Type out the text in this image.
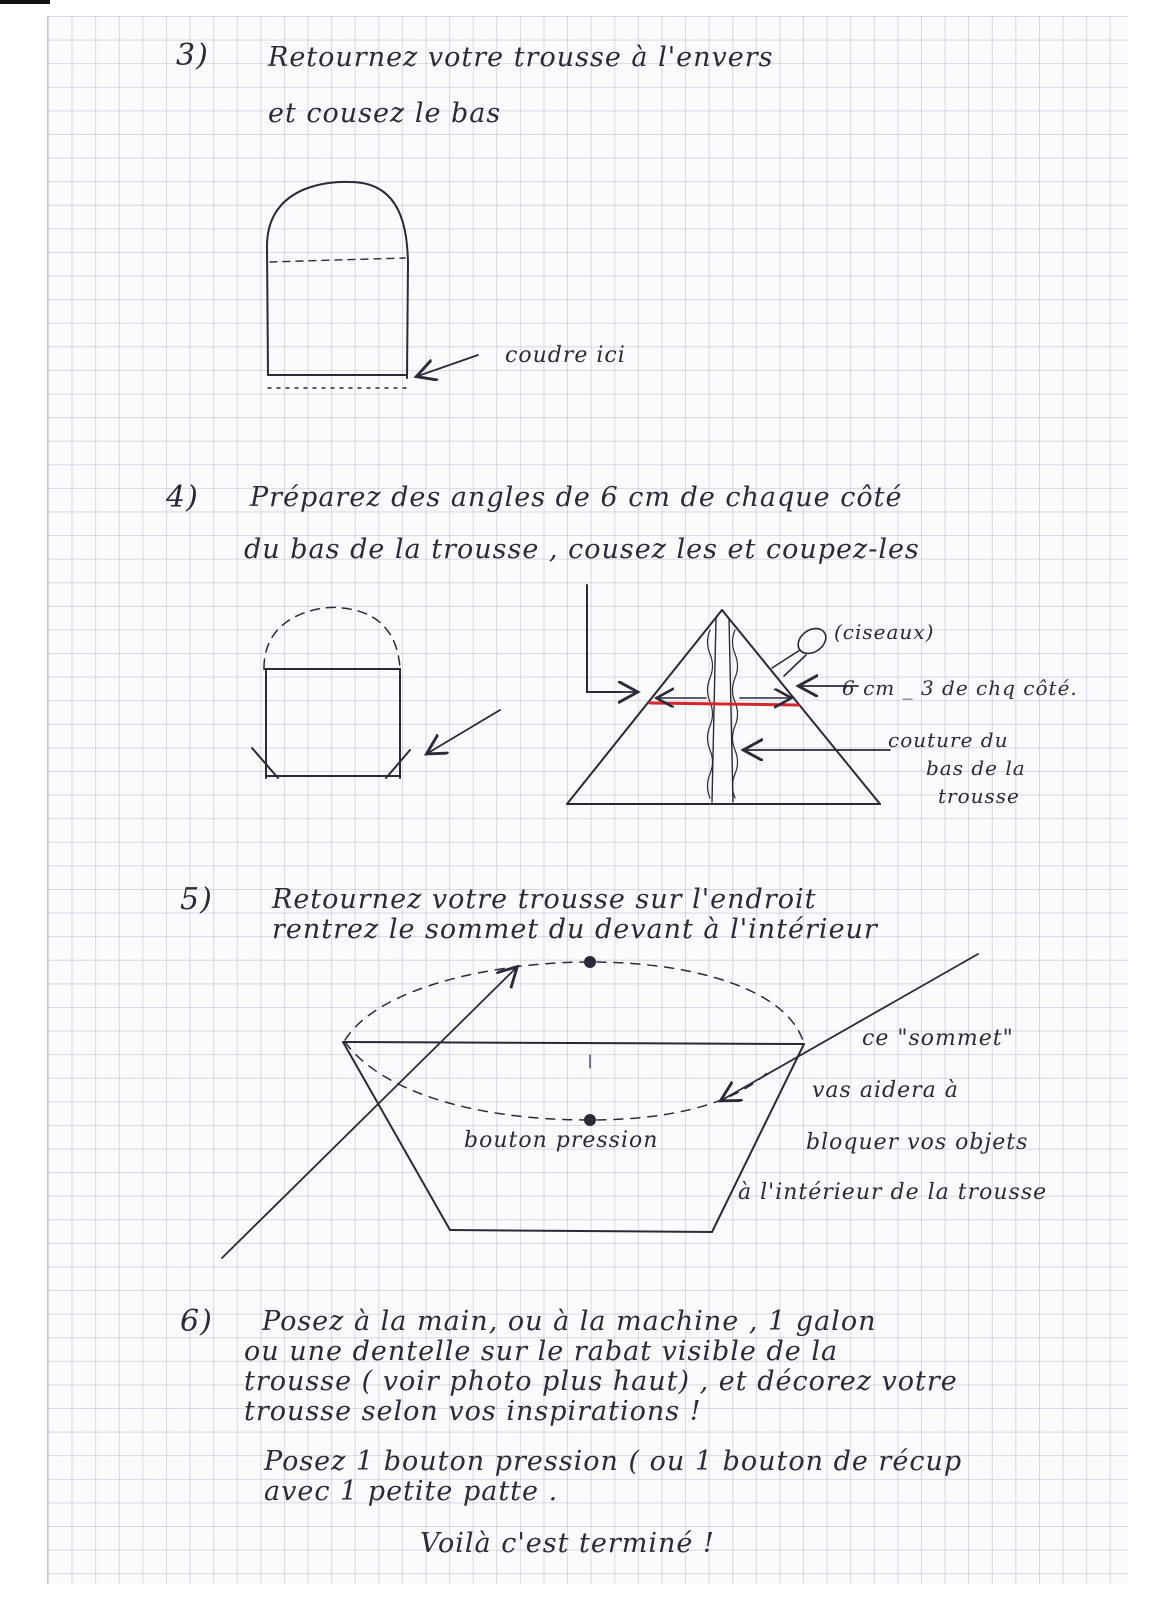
3) Retournez votre trousse à l'envers
et cousez le bas
coudre ici
4) Préparez des angles de 6 cm de chaque côté
du bas de la trousse , cousez les et coupez-les
(ciseaux)
6 cm _ 3 de chq côté.
couture du
bas de la
trousse
5) Retournez votre trousse sur l'endroit
rentrez le sommet du devant à l'intérieur
bouton pression
ce "sommet"
vas aidera à
bloquer vos objets
à l'intérieur de la trousse
6) Posez à la main, ou à la machine , 1 galon
ou une dentelle sur le rabat visible de la
trousse ( voir photo plus haut) , et décorez votre
trousse selon vos inspirations !
Posez 1 bouton pression ( ou 1 bouton de récup
avec 1 petite patte .
Voilà c'est terminé !
